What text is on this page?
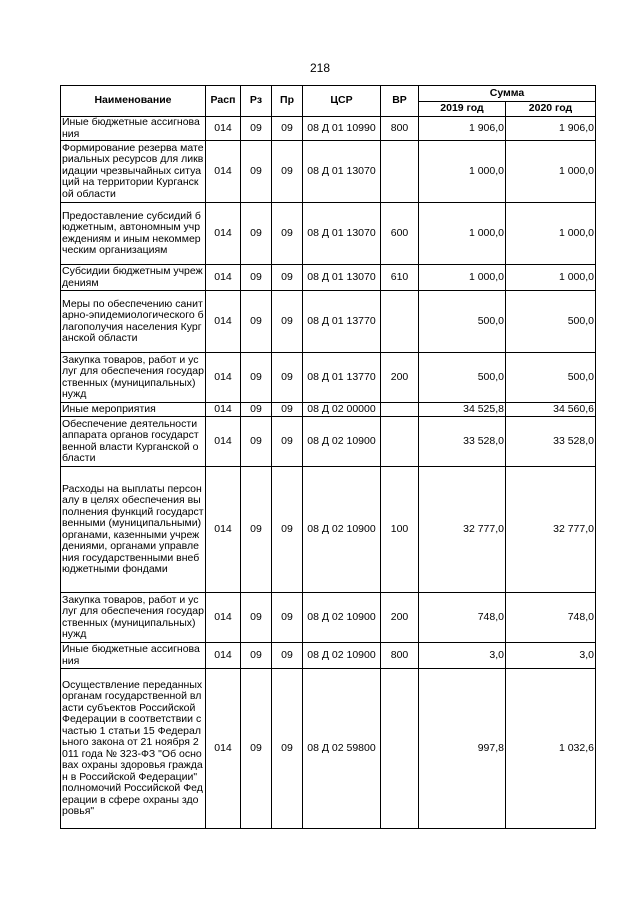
218
Наименование	Расп	Рз	Пр	ЦСР	ВР	Сумма	
						2019 год	2020 год
Иные бюджетные ассигнования	014	09	09	08 Д 01 10990	800	1 906,0	1 906,0
Формирование резерва материальных ресурсов для ликвидации чрезвычайных ситуаций на территории Курганской области	014	09	09	08 Д 01 13070		1 000,0	1 000,0
Предоставление субсидий бюджетным, автономным учреждениям и иным некоммерческим организациям	014	09	09	08 Д 01 13070	600	1 000,0	1 000,0
Субсидии бюджетным учреждениям	014	09	09	08 Д 01 13070	610	1 000,0	1 000,0
Меры по обеспечению санитарно-эпидемиологического благополучия населения Курганской области	014	09	09	08 Д 01 13770		500,0	500,0
Закупка товаров, работ и услуг для обеспечения государственных (муниципальных) нужд	014	09	09	08 Д 01 13770	200	500,0	500,0
Иные мероприятия	014	09	09	08 Д 02 00000		34 525,8	34 560,6
Обеспечение деятельности аппарата органов государственной власти Курганской области	014	09	09	08 Д 02 10900		33 528,0	33 528,0
Расходы на выплаты персоналу в целях обеспечения выполнения функций государственными (муниципальными) органами, казенными учреждениями, органами управления государственными внебюджетными фондами	014	09	09	08 Д 02 10900	100	32 777,0	32 777,0
Закупка товаров, работ и услуг для обеспечения государственных (муниципальных) нужд	014	09	09	08 Д 02 10900	200	748,0	748,0
Иные бюджетные ассигнования	014	09	09	08 Д 02 10900	800	3,0	3,0
Осуществление переданных органам государственной власти субъектов Российской Федерации в соответствии с частью 1 статьи 15 Федерального закона от 21 ноября 2011 года № 323-ФЗ "Об основах охраны здоровья граждан в Российской Федерации" полномочий Российской Федерации в сфере охраны здоровья"	014	09	09	08 Д 02 59800		997,8	1 032,6
